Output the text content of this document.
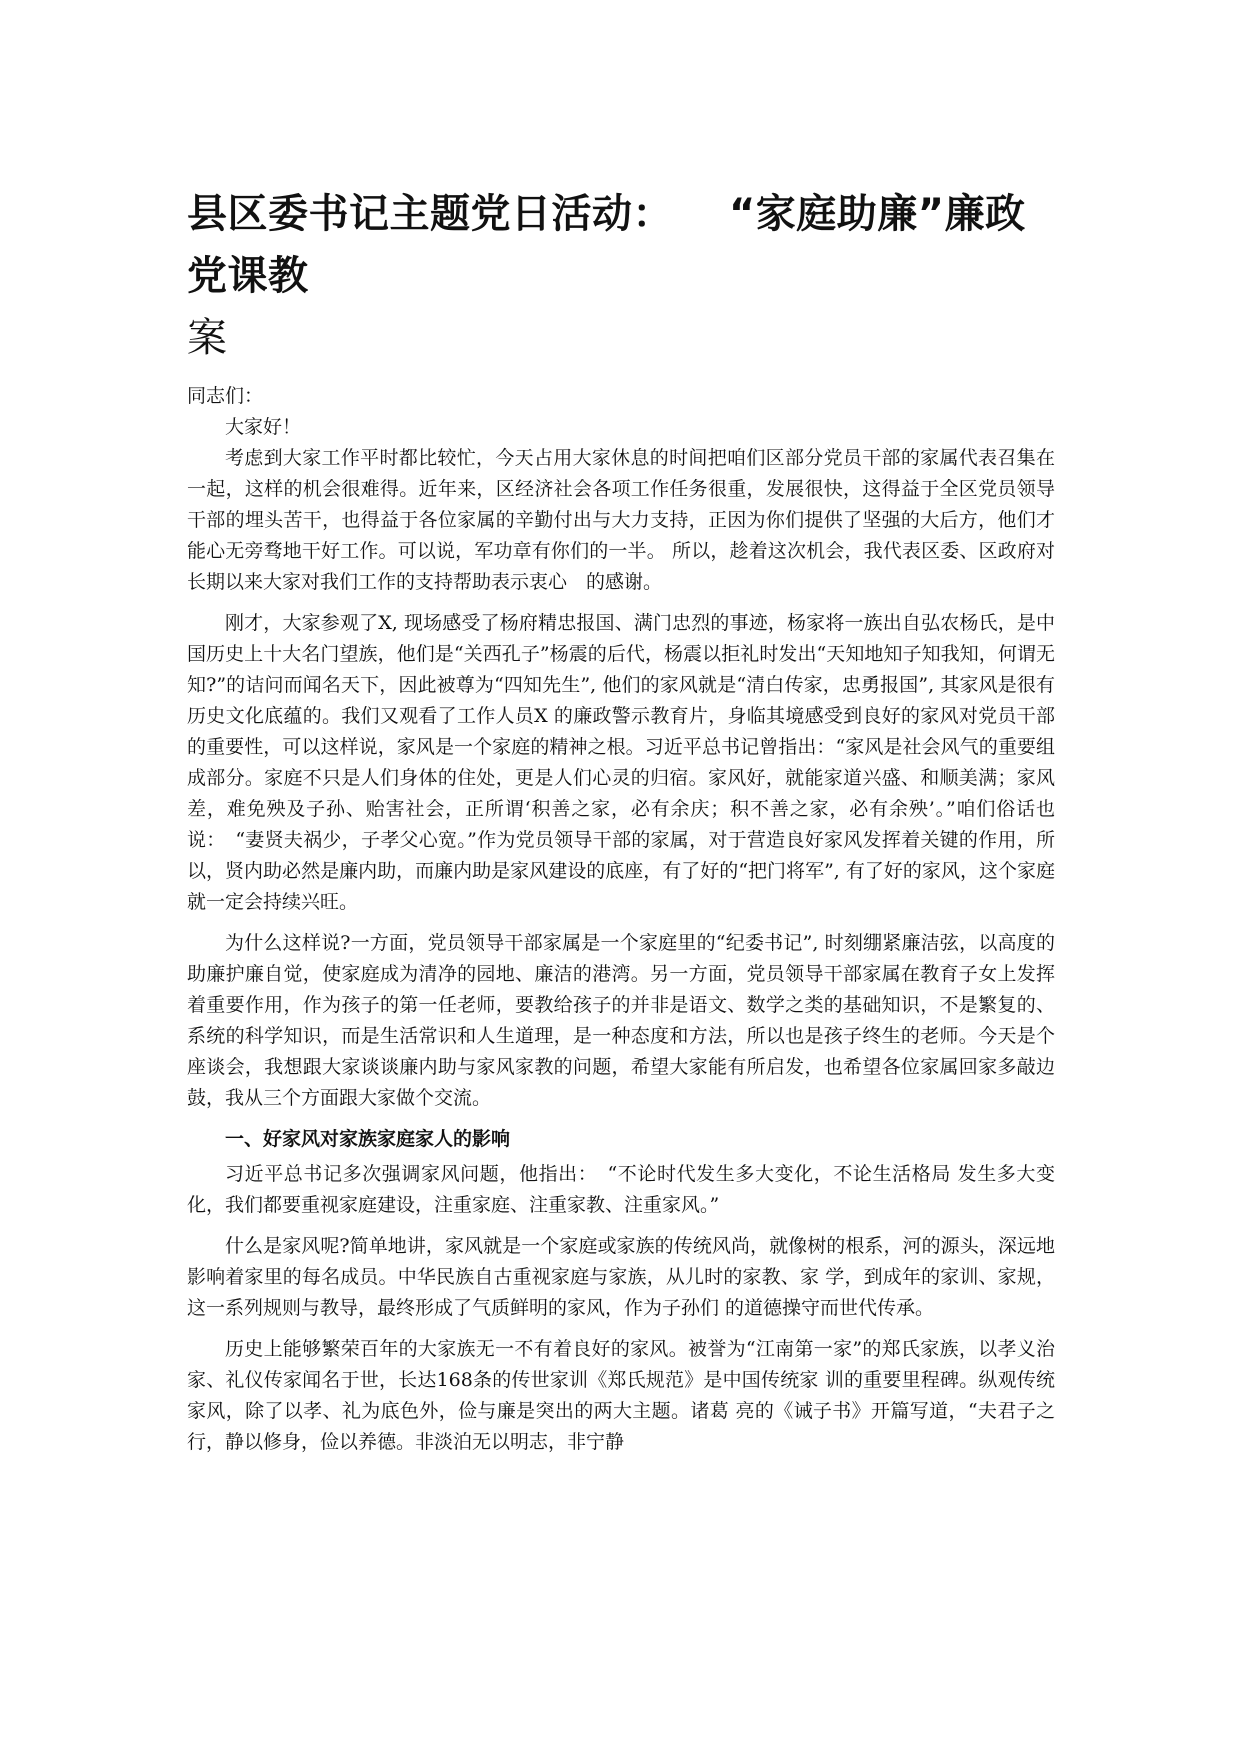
县区委书记主题党日活动： “家庭助廉”廉政党课教
案

同志们：

大家好！

考虑到大家工作平时都比较忙，今天占用大家休息的时间把咱们区部分党员干部的家属代表召集在一起，这样的机会很难得。近年来，区经济社会各项工作任务很重，发展很快，这得益于全区党员领导干部的埋头苦干，也得益于各位家属的辛勤付出与大力支持，正因为你们提供了坚强的大后方，他们才能心无旁骛地干好工作。可以说，军功章有你们的一半。 所以，趁着这次机会，我代表区委、区政府对长期以来大家对我们工作的支持帮助表示衷心　的感谢。

刚才，大家参观了X, 现场感受了杨府精忠报国、满门忠烈的事迹，杨家将一族出自弘农杨氏，是中国历史上十大名门望族，他们是“关西孔子”杨震的后代，杨震以拒礼时发出“天知地知子知我知，何谓无知?”的诘问而闻名天下，因此被尊为“四知先生”, 他们的家风就是“清白传家，忠勇报国”, 其家风是很有历史文化底蕴的。我们又观看了工作人员X 的廉政警示教育片，身临其境感受到良好的家风对党员干部的重要性，可以这样说，家风是一个家庭的精神之根。习近平总书记曾指出：“家风是社会风气的重要组成部分。家庭不只是人们身体的住处，更是人们心灵的归宿。家风好，就能家道兴盛、和顺美满；家风差，难免殃及子孙、贻害社会，正所谓‘积善之家，必有余庆；积不善之家，必有余殃’。”咱们俗话也说：　“妻贤夫祸少，子孝父心宽。”作为党员领导干部的家属，对于营造良好家风发挥着关键的作用，所以，贤内助必然是廉内助，而廉内助是家风建设的底座，有了好的“把门将军”, 有了好的家风，这个家庭就一定会持续兴旺。

为什么这样说?一方面，党员领导干部家属是一个家庭里的“纪委书记”, 时刻绷紧廉洁弦，以高度的助廉护廉自觉，使家庭成为清净的园地、廉洁的港湾。另一方面，党员领导干部家属在教育子女上发挥着重要作用，作为孩子的第一任老师，要教给孩子的并非是语文、数学之类的基础知识，不是繁复的、系统的科学知识，而是生活常识和人生道理，是一种态度和方法，所以也是孩子终生的老师。今天是个座谈会，我想跟大家谈谈廉内助与家风家教的问题，希望大家能有所启发，也希望各位家属回家多敲边鼓，我从三个方面跟大家做个交流。

一、好家风对家族家庭家人的影响

习近平总书记多次强调家风问题，他指出：　“不论时代发生多大变化，不论生活格局 发生多大变化，我们都要重视家庭建设，注重家庭、注重家教、注重家风。”

什么是家风呢?简单地讲，家风就是一个家庭或家族的传统风尚，就像树的根系，河的源头，深远地影响着家里的每名成员。中华民族自古重视家庭与家族，从儿时的家教、家 学，到成年的家训、家规，这一系列规则与教导，最终形成了气质鲜明的家风，作为子孙们 的道德操守而世代传承。

历史上能够繁荣百年的大家族无一不有着良好的家风。被誉为“江南第一家”的郑氏家族，以孝义治家、礼仪传家闻名于世，长达168条的传世家训《郑氏规范》是中国传统家 训的重要里程碑。纵观传统家风，除了以孝、礼为底色外，俭与廉是突出的两大主题。诸葛 亮的《诫子书》开篇写道，“夫君子之行，静以修身，俭以养德。非淡泊无以明志，非宁静
